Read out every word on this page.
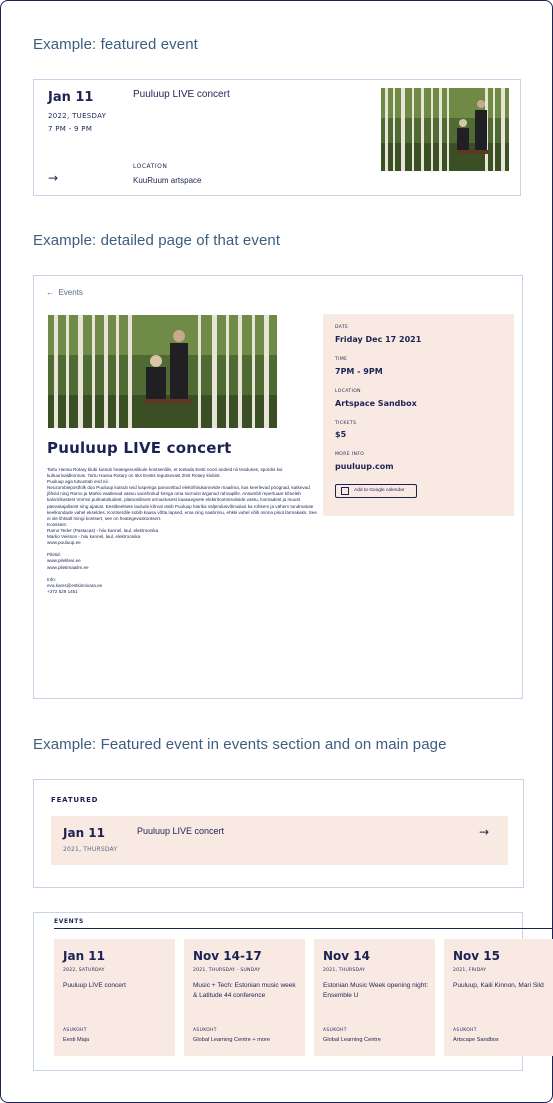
Example: featured event
Jan 11
2022, TUESDAY
7 PM - 9 PM
Puuluup LIVE concert
LOCATION
KuuRuum artspace
→
Example: detailed page of that event
← Events
Puuluup LIVE concert

Tartu Hansa Rotary klubi kutsub heategevuslikule kontserdile, et toetada Eesti noori andeid nii teaduses, spordis kui kultuurivaldkonnas. Tartu Hansa Rotary on üks Eestis tegutsevast 20st Rotary klubist.

Puuluup aga tutvustab end nii:

Neozombiepostfolk duo Puuluup kutsub teid lusperiga panoorittud elektrihiiukannelde maailma, kus keerlevad poognad, katkevad jõhvid ning Ramo ja Marko vaatlevad vaevu vaoshoitud kirega oma surnuist ärganud rahvapille. Ansambli repertuaar kõneleb kaloririkastest Vormsi pulmatoitudest, platoonilisest armastusest kaasaegsete elektritootmisviiside vastu, loomadest ja muust päevakajalisest ning ajatust. Eestikeelsete laulude kõrval otsib Puuluup lüürika väljendusvõimalusi ka rohkem ja vähem tundmatute keelkondade vahel ekseldes. Kontserdile sobib kaasa võtta lapsed, ema ning naabrimu, ehkki vahel võib minna pisut lärmakaks. See ei ole lihtsalt mingi kontsert, see on heategevuskontsert.

Koosseis:

Ramo Teder (Pastacas) - hiiu kannel, laul, elektroonika

Marko Veisson - hiiu kannel, laul, elektroonika

www.puuluup.ee

Piletid:

www.piletilevi.ee

www.piletimaailm.ee

Info:

eva.kams@estkinnivara.ee

+372 529 1451

DATE
Friday Dec 17 2021
TIME
7PM - 9PM
LOCATION
Artspace Sandbox
TICKETS
$5
MORE INFO
puuluup.com
Add to Google calendar
Example: Featured event in events section and on main page
FEATURED
Jan 11
2021, THURSDAY
Puuluup LIVE concert	→
EVENTS
Jan 11
2022, SATURDAY
Puuluup LIVE concert
ASUKOHT
Eesti Maja
Nov 14-17
2021, THURSDAY - SUNDAY
Music + Tech: Estonian music week & Latitude 44 conference
ASUKOHT
Global Learning Centre + more
Nov 14
2021, THURSDAY
Estonian Music Week opening night: Ensemble U
ASUKOHT
Global Learning Centre
Nov 15
2021, FRIDAY
Puuluup, Kaili Kinnon, Mari Sild
ASUKOHT
Artscape Sandbox
